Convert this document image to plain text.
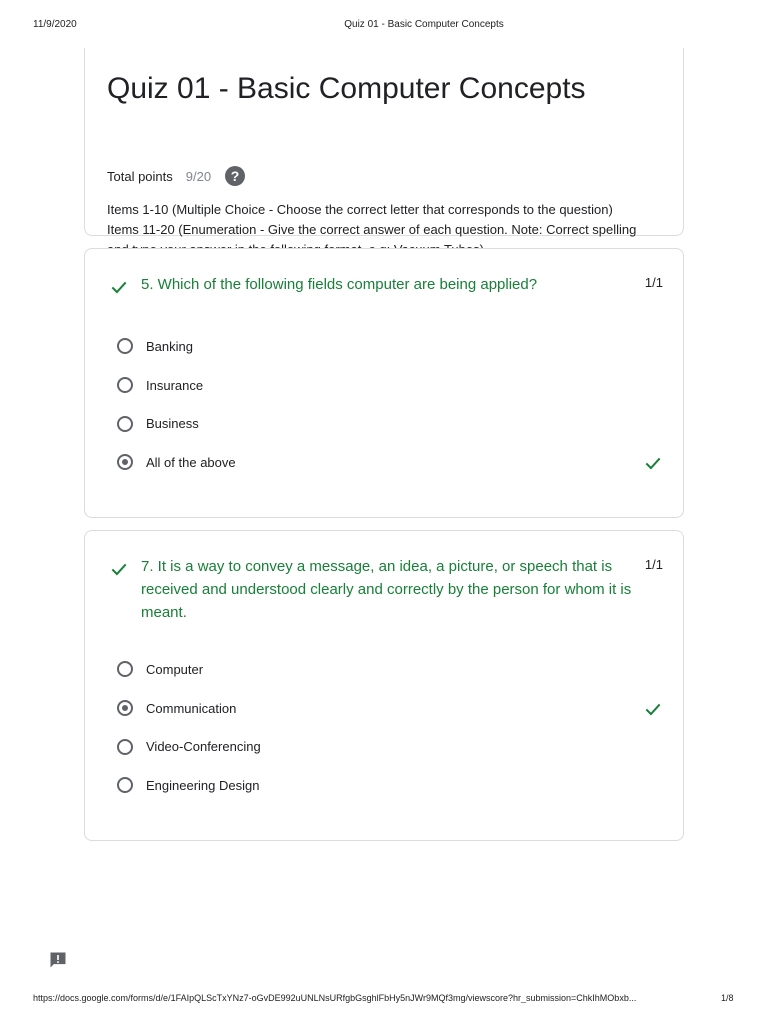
11/9/2020	Quiz 01 - Basic Computer Concepts
Quiz 01 - Basic Computer Concepts
Total points 9/20	?
Items 1-10 (Multiple Choice - Choose the correct letter that corresponds to the question)
Items 11-20 (Enumeration - Give the correct answer of each question. Note: Correct spelling
5. Which of the following fields computer are being applied?	1/1
Banking
Insurance
Business
All of the above
7. It is a way to convey a message, an idea, a picture, or speech that is received and understood clearly and correctly by the person for whom it is meant.
1/1
Computer
Communication
Video-Conferencing
Engineering Design
https://docs.google.com/forms/d/e/1FAIpQLScTxYNz7-oGvDE992uUNLNsURfgbGsghlFbHy5nJWr9MQf3mg/viewscore?hr_submission=ChkIhMObxb...	1/8
